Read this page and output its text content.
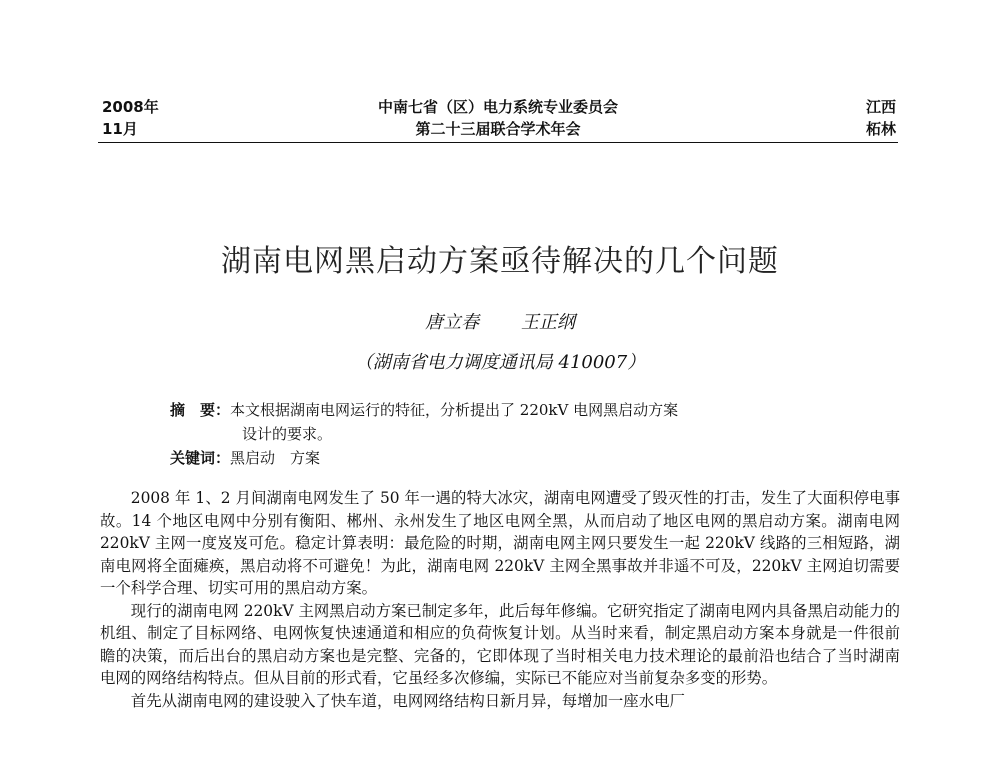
2008年
11月
中南七省（区）电力系统专业委员会
第二十三届联合学术年会
江西
柘林
湖南电网黑启动方案亟待解决的几个问题
唐立春 王正纲
（湖南省电力调度通讯局 410007）
摘　要：本文根据湖南电网运行的特征，分析提出了 220kV 电网黑启动方案
设计的要求。
关键词：黑启动　方案

2008 年 1、2 月间湖南电网发生了 50 年一遇的特大冰灾，湖南电网遭受了毁灭性的打击，发生了大面积停电事故。14 个地区电网中分别有衡阳、郴州、永州发生了地区电网全黑，从而启动了地区电网的黑启动方案。湖南电网 220kV 主网一度岌岌可危。稳定计算表明：最危险的时期，湖南电网主网只要发生一起 220kV 线路的三相短路，湖南电网将全面瘫痪，黑启动将不可避免！为此，湖南电网 220kV 主网全黑事故并非遥不可及，220kV 主网迫切需要一个科学合理、切实可用的黑启动方案。

现行的湖南电网 220kV 主网黑启动方案已制定多年，此后每年修编。它研究指定了湖南电网内具备黑启动能力的机组、制定了目标网络、电网恢复快速通道和相应的负荷恢复计划。从当时来看，制定黑启动方案本身就是一件很前瞻的决策，而后出台的黑启动方案也是完整、完备的，它即体现了当时相关电力技术理论的最前沿也结合了当时湖南电网的网络结构特点。但从目前的形式看，它虽经多次修编，实际已不能应对当前复杂多变的形势。

首先从湖南电网的建设驶入了快车道，电网网络结构日新月异，每增加一座水电厂
